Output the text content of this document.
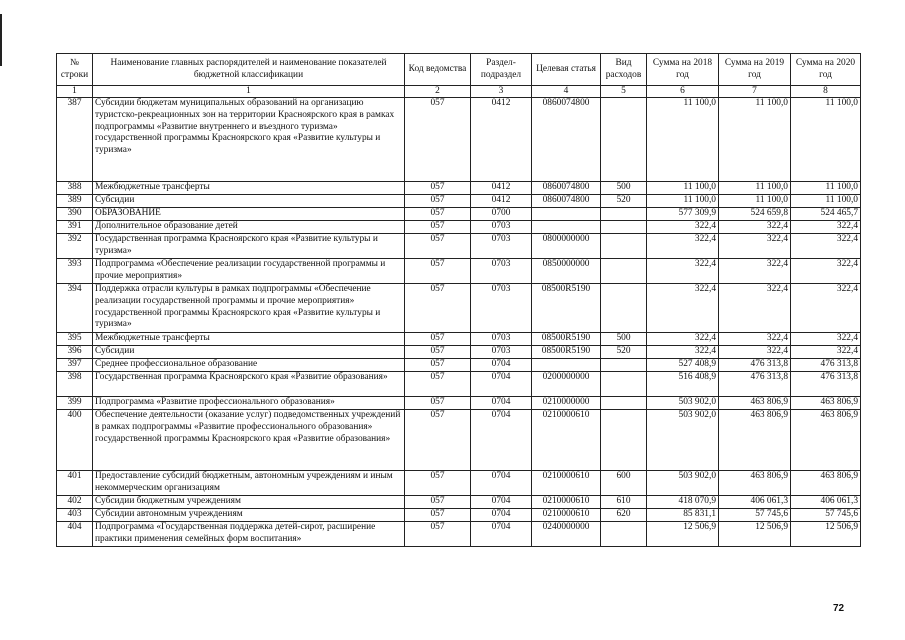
№ строки	Наименование главных распорядителей и наименование показателей бюджетной классификации	Код ведомства	Раздел-подраздел	Целевая статья	Вид расходов	Сумма на 2018 год	Сумма на 2019 год	Сумма на 2020 год
1	1	2	3	4	5	6	7	8
387	Субсидии бюджетам муниципальных образований на организацию туристско-рекреационных зон на территории Красноярского края в рамках подпрограммы «Развитие внутреннего и въездного туризма» государственной программы Красноярского края «Развитие культуры и туризма»	057	0412	0860074800		11 100,0	11 100,0	11 100,0
388	Межбюджетные трансферты	057	0412	0860074800	500	11 100,0	11 100,0	11 100,0
389	Субсидии	057	0412	0860074800	520	11 100,0	11 100,0	11 100,0
390	ОБРАЗОВАНИЕ	057	0700			577 309,9	524 659,8	524 465,7
391	Дополнительное образование детей	057	0703			322,4	322,4	322,4
392	Государственная программа Красноярского края «Развитие культуры и туризма»	057	0703	0800000000		322,4	322,4	322,4
393	Подпрограмма «Обеспечение реализации государственной программы и прочие мероприятия»	057	0703	0850000000		322,4	322,4	322,4
394	Поддержка отрасли культуры в рамках подпрограммы «Обеспечение реализации государственной программы и прочие мероприятия» государственной программы Красноярского края «Развитие культуры и туризма»	057	0703	08500R5190		322,4	322,4	322,4
395	Межбюджетные трансферты	057	0703	08500R5190	500	322,4	322,4	322,4
396	Субсидии	057	0703	08500R5190	520	322,4	322,4	322,4
397	Среднее профессиональное образование	057	0704			527 408,9	476 313,8	476 313,8
398	Государственная программа Красноярского края «Развитие образования»	057	0704	0200000000		516 408,9	476 313,8	476 313,8
399	Подпрограмма «Развитие профессионального образования»	057	0704	0210000000		503 902,0	463 806,9	463 806,9
400	Обеспечение деятельности (оказание услуг) подведомственных учреждений в рамках подпрограммы «Развитие профессионального образования» государственной программы Красноярского края «Развитие образования»	057	0704	0210000610		503 902,0	463 806,9	463 806,9
401	Предоставление субсидий бюджетным, автономным учреждениям и иным некоммерческим организациям	057	0704	0210000610	600	503 902,0	463 806,9	463 806,9
402	Субсидии бюджетным учреждениям	057	0704	0210000610	610	418 070,9	406 061,3	406 061,3
403	Субсидии автономным учреждениям	057	0704	0210000610	620	85 831,1	57 745,6	57 745,6
404	Подпрограмма «Государственная поддержка детей-сирот, расширение практики применения семейных форм воспитания»	057	0704	0240000000		12 506,9	12 506,9	12 506,9
72
